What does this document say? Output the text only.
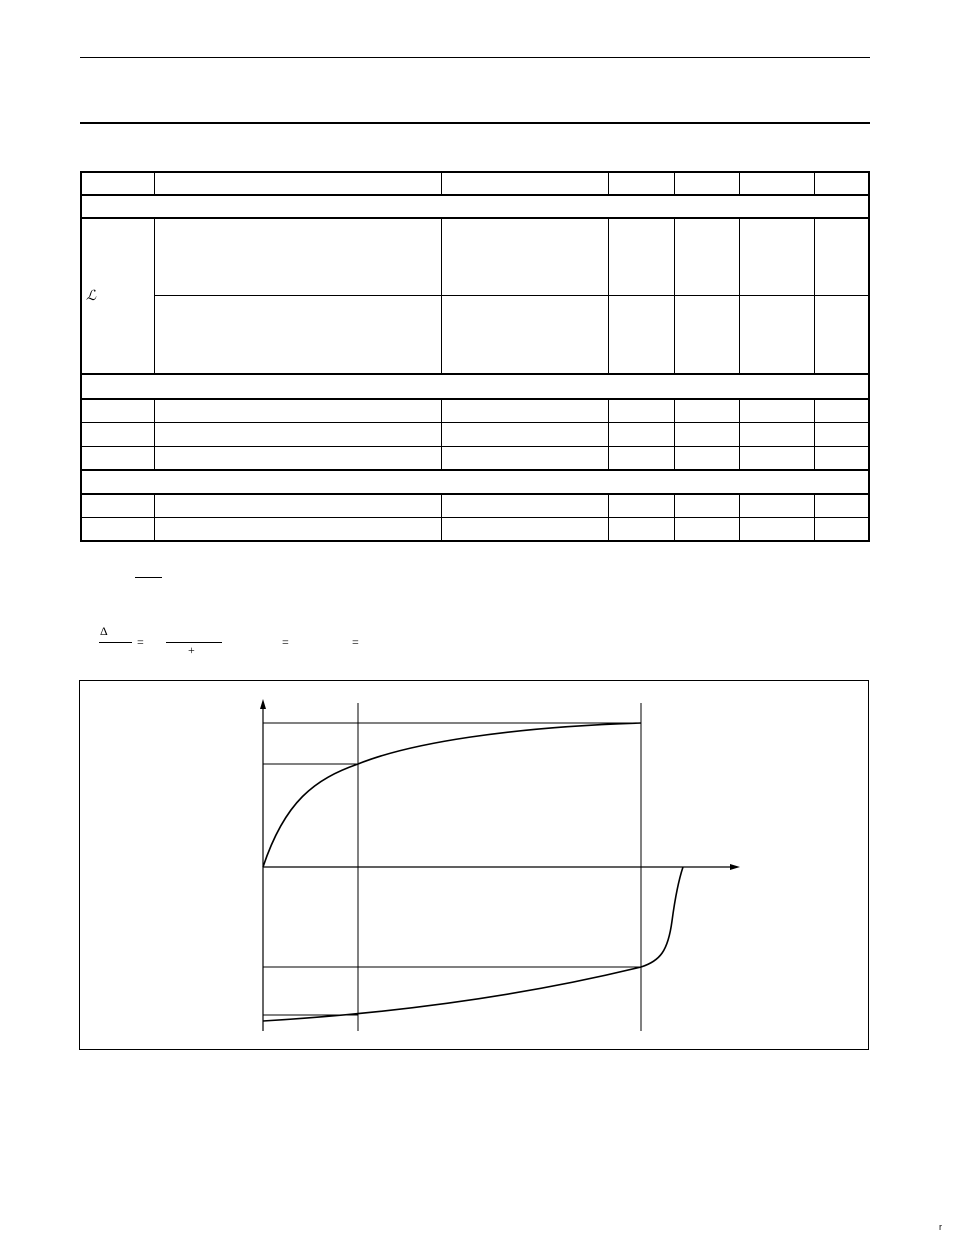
ℒ
Δ
=
+
=	=
r
